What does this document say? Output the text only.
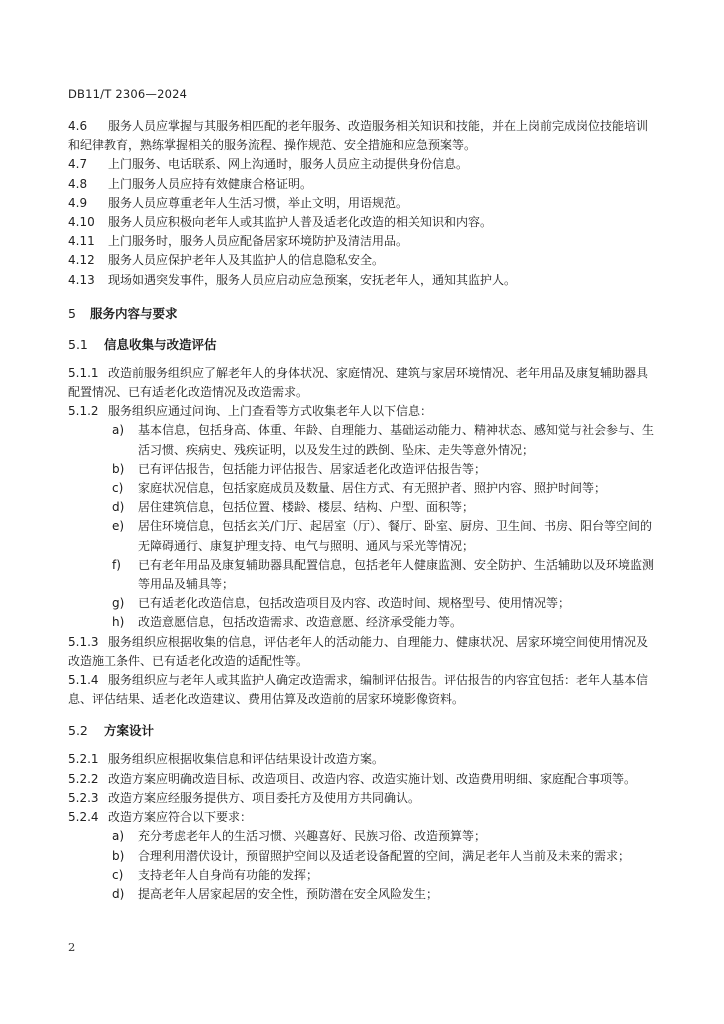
DB11/T 2306—2024

4.6 服务人员应掌握与其服务相匹配的老年服务、改造服务相关知识和技能，并在上岗前完成岗位技能培训和纪律教育，熟练掌握相关的服务流程、操作规范、安全措施和应急预案等。

4.7 上门服务、电话联系、网上沟通时，服务人员应主动提供身份信息。

4.8 上门服务人员应持有效健康合格证明。

4.9 服务人员应尊重老年人生活习惯，举止文明，用语规范。

4.10 服务人员应积极向老年人或其监护人普及适老化改造的相关知识和内容。

4.11 上门服务时，服务人员应配备居家环境防护及清洁用品。

4.12 服务人员应保护老年人及其监护人的信息隐私安全。

4.13 现场如遇突发事件，服务人员应启动应急预案，安抚老年人，通知其监护人。

5 服务内容与要求

5.1 信息收集与改造评估

5.1.1 改造前服务组织应了解老年人的身体状况、家庭情况、建筑与家居环境情况、老年用品及康复辅助器具配置情况、已有适老化改造情况及改造需求。

5.1.2 服务组织应通过问询、上门查看等方式收集老年人以下信息：

a)	基本信息，包括身高、体重、年龄、自理能力、基础运动能力、精神状态、感知觉与社会参与、生活习惯、疾病史、残疾证明，以及发生过的跌倒、坠床、走失等意外情况；
b)	已有评估报告，包括能力评估报告、居家适老化改造评估报告等；
c)	家庭状况信息，包括家庭成员及数量、居住方式、有无照护者、照护内容、照护时间等；
d)	居住建筑信息，包括位置、楼龄、楼层、结构、户型、面积等；
e)	居住环境信息，包括玄关/门厅、起居室（厅）、餐厅、卧室、厨房、卫生间、书房、阳台等空间的无障碍通行、康复护理支持、电气与照明、通风与采光等情况；
f)	已有老年用品及康复辅助器具配置信息，包括老年人健康监测、安全防护、生活辅助以及环境监测等用品及辅具等；
g)	已有适老化改造信息，包括改造项目及内容、改造时间、规格型号、使用情况等；
h)	改造意愿信息，包括改造需求、改造意愿、经济承受能力等。

5.1.3 服务组织应根据收集的信息，评估老年人的活动能力、自理能力、健康状况、居家环境空间使用情况及改造施工条件、已有适老化改造的适配性等。

5.1.4 服务组织应与老年人或其监护人确定改造需求，编制评估报告。评估报告的内容宜包括：老年人基本信息、评估结果、适老化改造建议、费用估算及改造前的居家环境影像资料。

5.2 方案设计

5.2.1 服务组织应根据收集信息和评估结果设计改造方案。

5.2.2 改造方案应明确改造目标、改造项目、改造内容、改造实施计划、改造费用明细、家庭配合事项等。

5.2.3 改造方案应经服务提供方、项目委托方及使用方共同确认。

5.2.4 改造方案应符合以下要求：

a)	充分考虑老年人的生活习惯、兴趣喜好、民族习俗、改造预算等；
b)	合理利用潜伏设计，预留照护空间以及适老设备配置的空间，满足老年人当前及未来的需求；
c)	支持老年人自身尚有功能的发挥；
d)	提高老年人居家起居的安全性，预防潜在安全风险发生；
2
